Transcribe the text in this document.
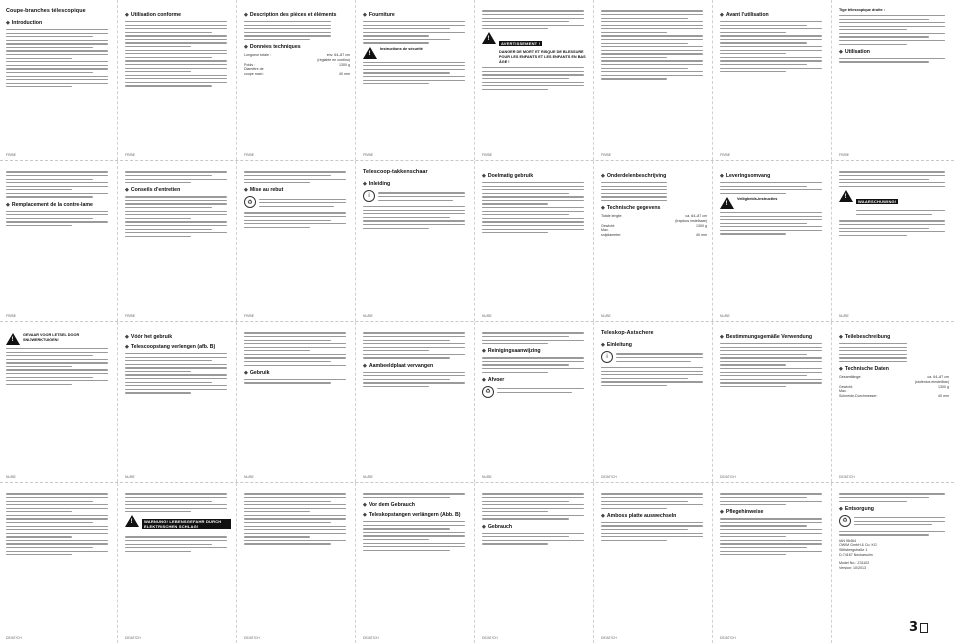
Coupe-branches télescopique
◆ Introduction
FR/BE
◆ Utilisation conforme
FR/BE
◆ Description des pièces et éléments
◆ Données techniques
Longueur totale :	env. 64–87 cm
(réglable en continu)
Poids :	1300 g
Diamètre de
coupe maxi :	40 mm
FR/BE
◆ Fourniture
!
Instructions de sécurité
FR/BE
!
AVERTISSEMENT !
DANGER DE MORT ET RISQUE DE BLESSURE POUR LES ENFANTS ET LES ENFANTS EN BAS ÂGE !
FR/BE	FR/BE
◆ Avant l'utilisation
FR/BE
Tige télescopique droite :
◆ Utilisation
FR/BE
◆ Remplacement de la contre-lame
FR/BE
◆ Conseils d'entretien
FR/BE
◆ Mise au rebut
♻
FR/BE
Telescoop-takkenschaar
◆ Inleiding
i
NL/BE
◆ Doelmatig gebruik
NL/BE
◆ Onderdelenbeschrijving
◆ Technische gegevens
Totale lengte:	ca. 64–87 cm
(traploos instelbaar)
Gewicht:	1300 g
Max.
snijdiameter:	40 mm
NL/BE
◆ Leveringsomvang
!
Veiligheids-instructies
NL/BE
!
WAARSCHUWING!
NL/BE
!
GEVAAR VOOR LETSEL DOOR SNIJWERKTUIGEN!
NL/BE
◆ Vóór het gebruik
◆ Telescoopstang verlengen (afb. B)
NL/BE
◆ Gebruik
NL/BE
◆ Aambeeldplaat vervangen
NL/BE
◆ Reinigingsaanwijzing
◆ Afvoer
♻
NL/BE
Teleskop-Astschere
◆ Einleitung
i
DE/AT/CH
◆ Bestimmungsgemäße Verwendung
DE/AT/CH
◆ Teilebeschreibung
◆ Technische Daten
Gesamtlänge:	ca. 64–87 cm
(stufenlos einstellbar)
Gewicht:	1300 g
Max.
Schneide-Durchmesser:	40 mm
DE/AT/CH
DE/AT/CH
!
WARNUNG! LEBENSGEFAHR DURCH ELEKTRISCHEN SCHLAG!
DE/AT/CH	DE/AT/CH
◆ Vor dem Gebrauch
◆ Teleskopstangen verlängern (Abb. B)
DE/AT/CH
◆ Gebrauch
DE/AT/CH
◆ Amboss platte auswechseln
DE/AT/CH
◆ Pflegehinweise
DE/AT/CH
◆ Entsorgung
♻
IAN 96464
OWIM GmbH & Co. KG
Stiftsbergstraße 1
D-74167 Neckarsulm
Model No.: Z31102
Version: 10/2013
3
